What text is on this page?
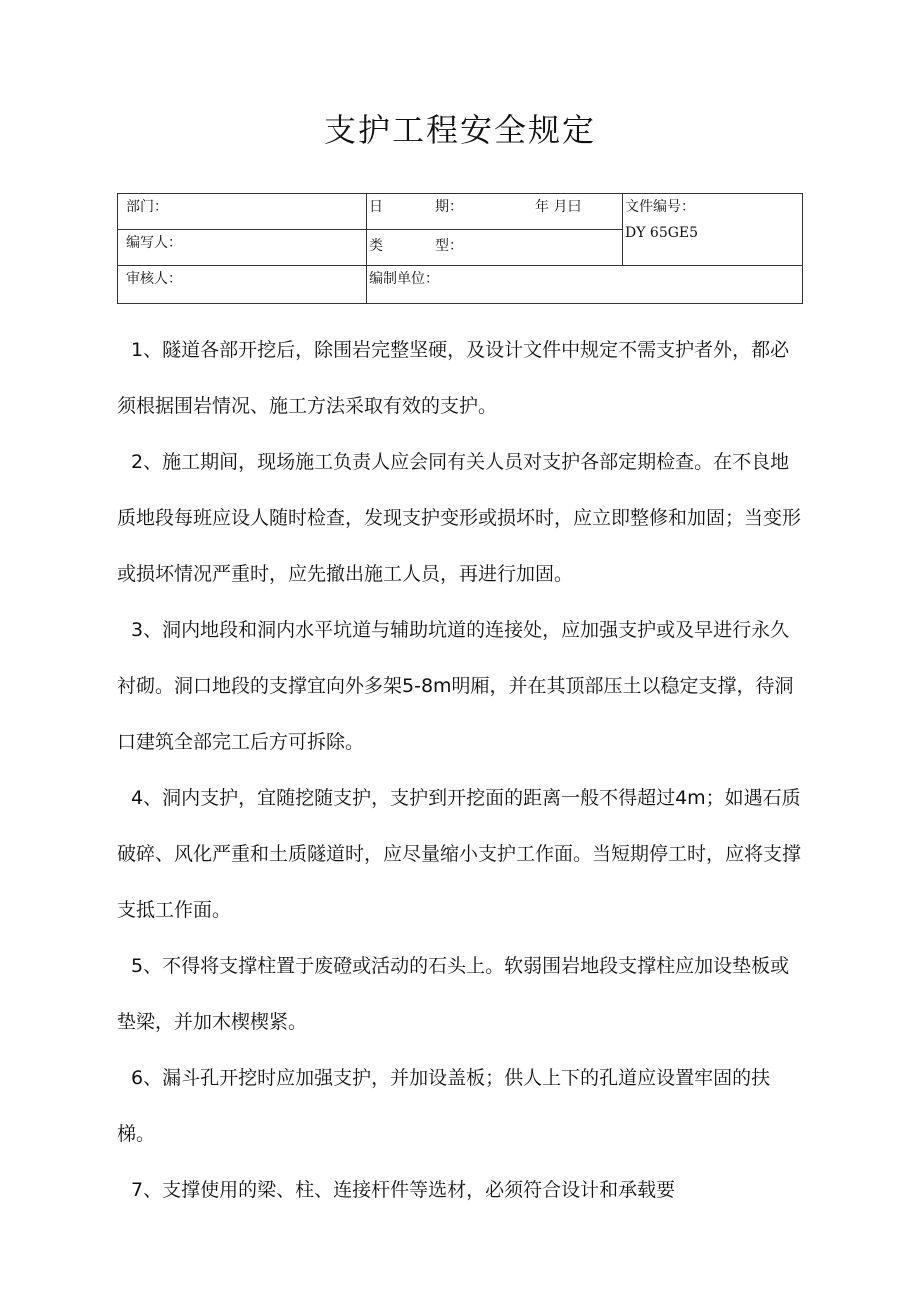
支护工程安全规定
部门：	日 期： 年 月曰	文件编号：
DY 65GE5

编写人：	类 型：	
审核人：	编制单位：	

1、隧道各部开挖后，除围岩完整坚硬，及设计文件中规定不需支护者外，都必须根据围岩情况、施工方法采取有效的支护。

2、施工期间，现场施工负责人应会同有关人员对支护各部定期检查。在不良地质地段每班应设人随时检查，发现支护变形或损坏时，应立即整修和加固；当变形或损坏情况严重时，应先撤出施工人员，再进行加固。

3、洞内地段和洞内水平坑道与辅助坑道的连接处，应加强支护或及早进行永久衬砌。洞口地段的支撑宜向外多架5-8m明厢，并在其顶部压土以稳定支撑，待洞口建筑全部完工后方可拆除。

4、洞内支护，宜随挖随支护，支护到开挖面的距离一般不得超过4m；如遇石质破碎、风化严重和土质隧道时，应尽量缩小支护工作面。当短期停工时，应将支撑支抵工作面。

5、不得将支撑柱置于废磴或活动的石头上。软弱围岩地段支撑柱应加设垫板或垫梁，并加木楔楔紧。

6、漏斗孔开挖时应加强支护，并加设盖板；供人上下的孔道应设置牢固的扶梯。

7、支撑使用的梁、柱、连接杆件等选材，必须符合设计和承载要
